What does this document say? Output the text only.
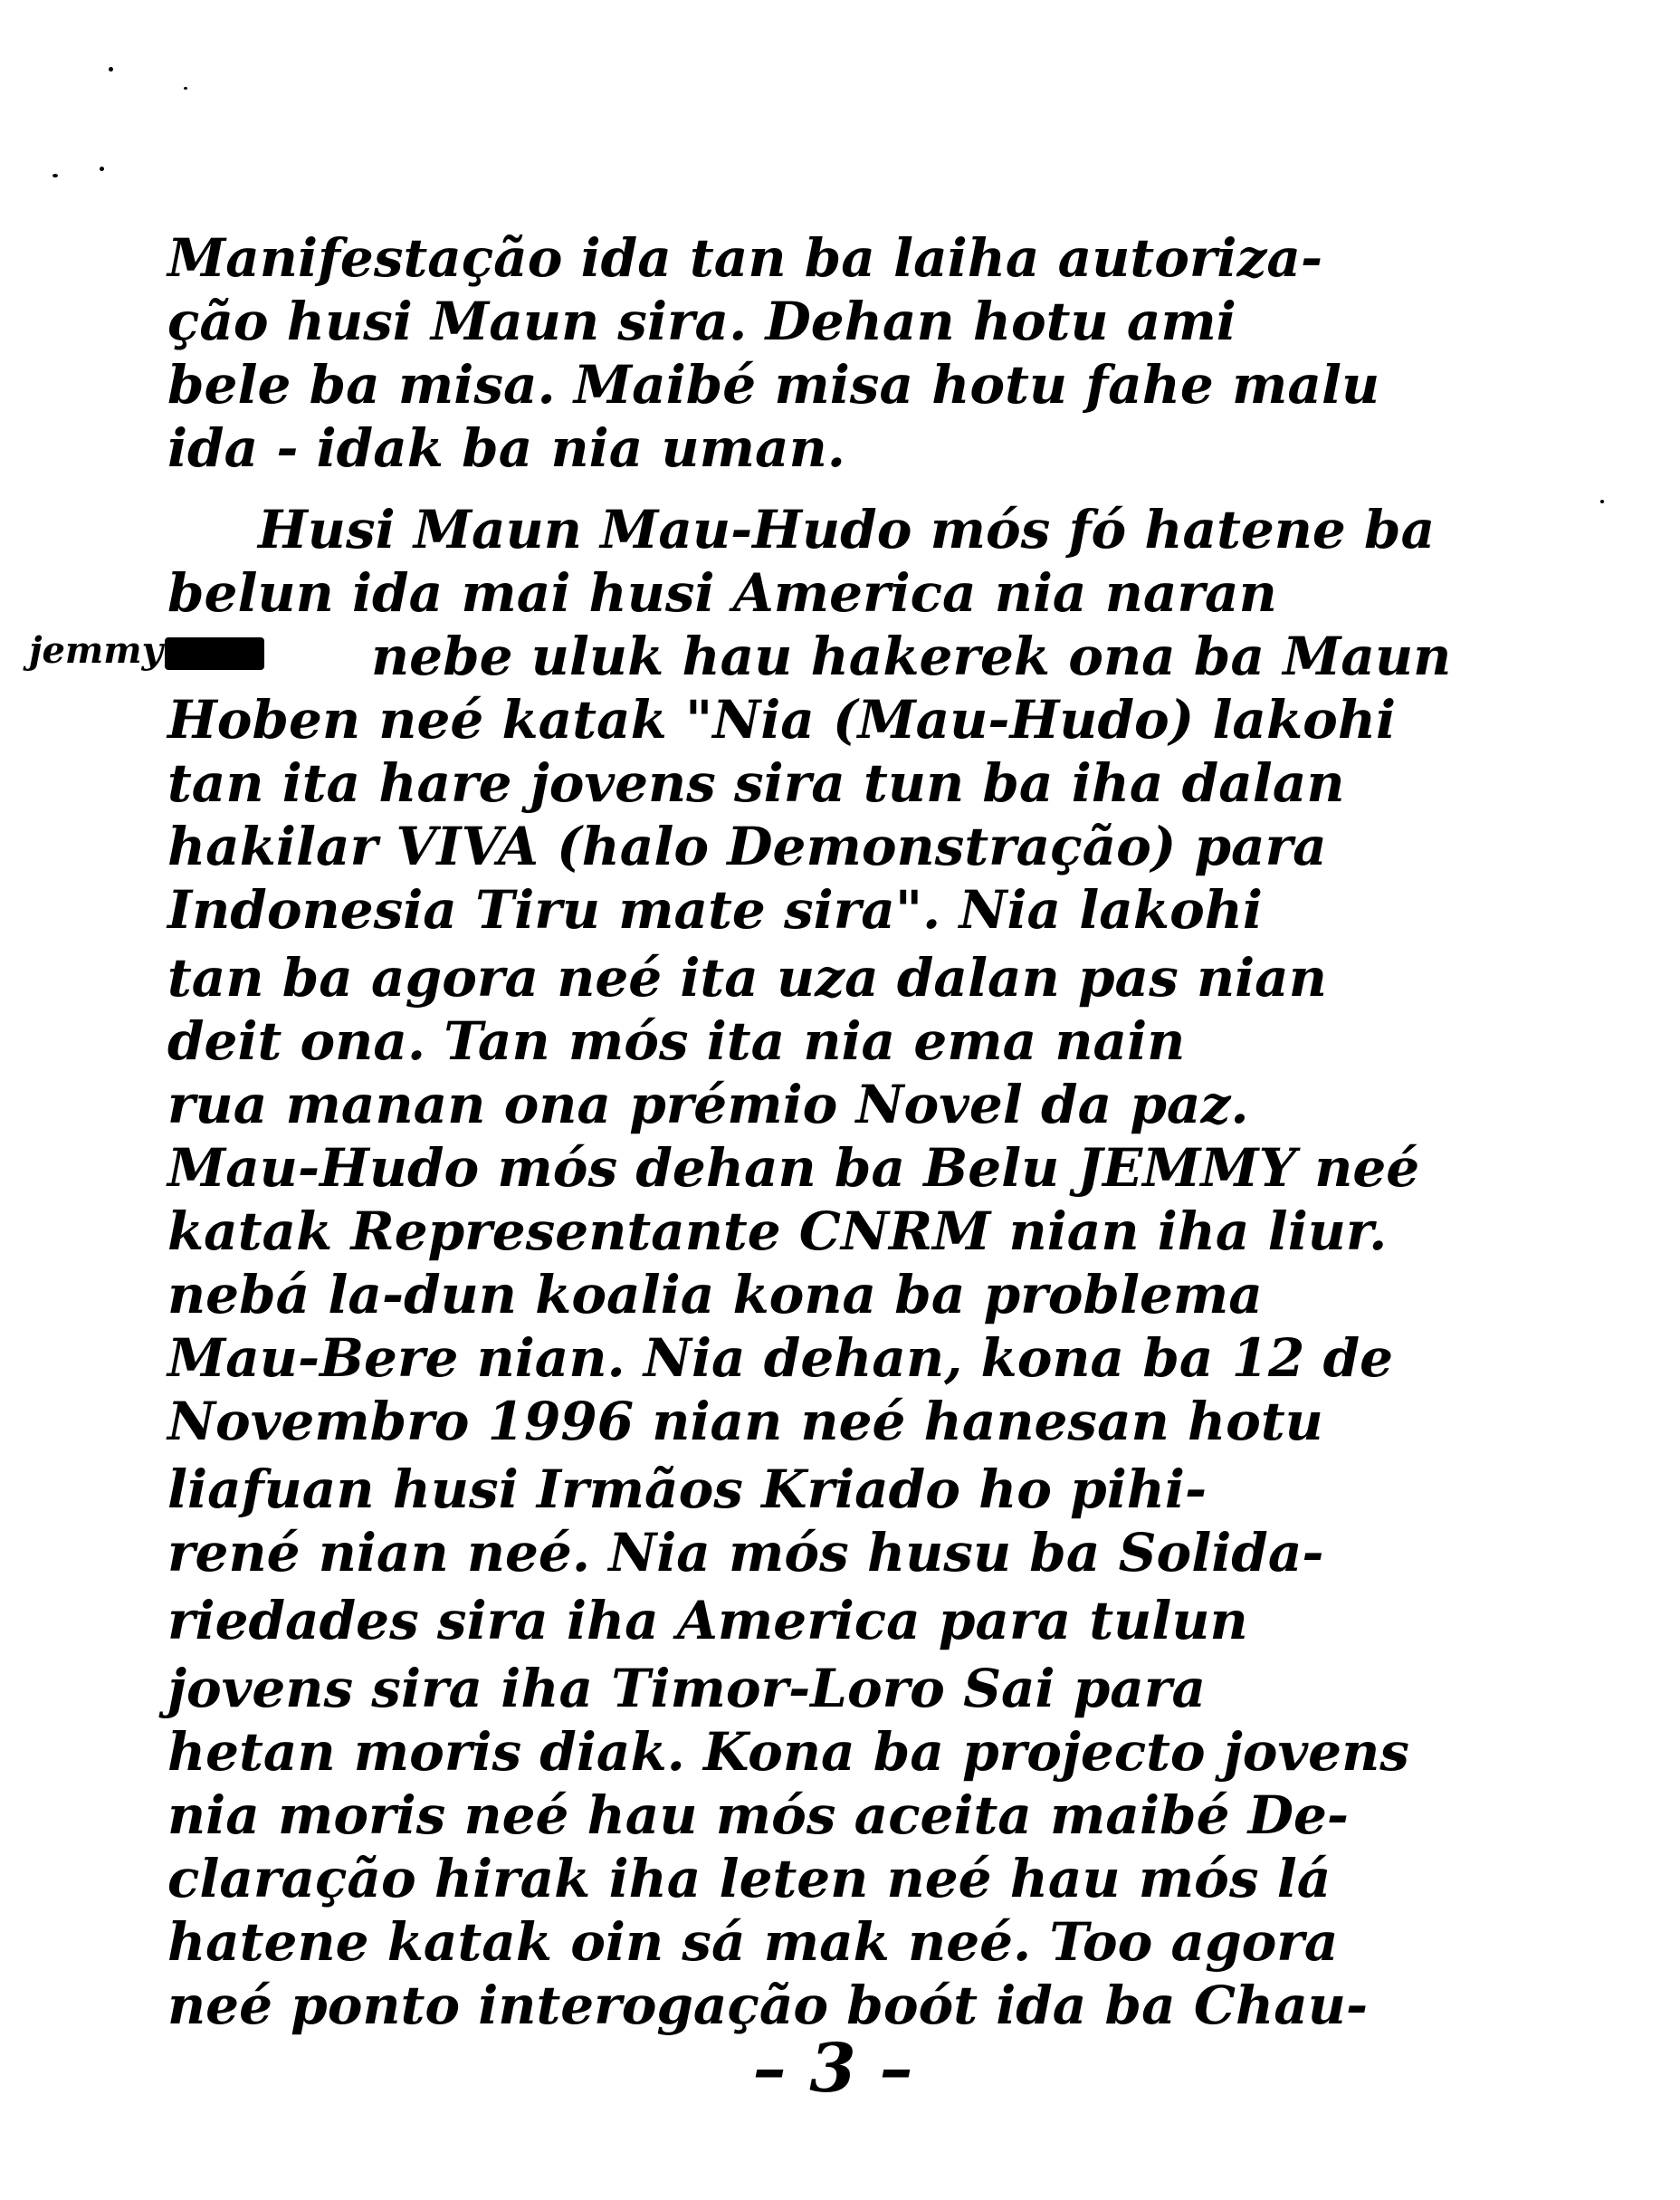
Manifestação ida tan ba laiha autoriza-
ção husi Maun sira. Dehan hotu ami
bele ba misa. Maibé misa hotu fahe malu
ida - idak ba nia uman.
Husi Maun Mau-Hudo mós fó hatene ba
belun ida mai husi America nia naran
nebe uluk hau hakerek ona ba Maun
Hoben neé katak "Nia (Mau-Hudo) lakohi
tan ita hare jovens sira tun ba iha dalan
hakilar VIVA (halo Demonstração) para
Indonesia Tiru mate sira". Nia lakohi
tan ba agora neé ita uza dalan pas nian
deit ona. Tan mós ita nia ema nain
rua manan ona prémio Novel da paz.
Mau-Hudo mós dehan ba Belu JEMMY neé
katak Representante CNRM nian iha liur.
nebá la-dun koalia kona ba problema
Mau-Bere nian. Nia dehan, kona ba 12 de
Novembro 1996 nian neé hanesan hotu
liafuan husi Irmãos Kriado ho pihi-
rené nian neé. Nia mós husu ba Solida-
riedades sira iha America para tulun
jovens sira iha Timor-Loro Sai para
hetan moris diak. Kona ba projecto jovens
nia moris neé hau mós aceita maibé De-
claração hirak iha leten neé hau mós lá
hatene katak oin sá mak neé. Too agora
neé ponto interogação boót ida ba Chau-
jemmy
– 3 –
